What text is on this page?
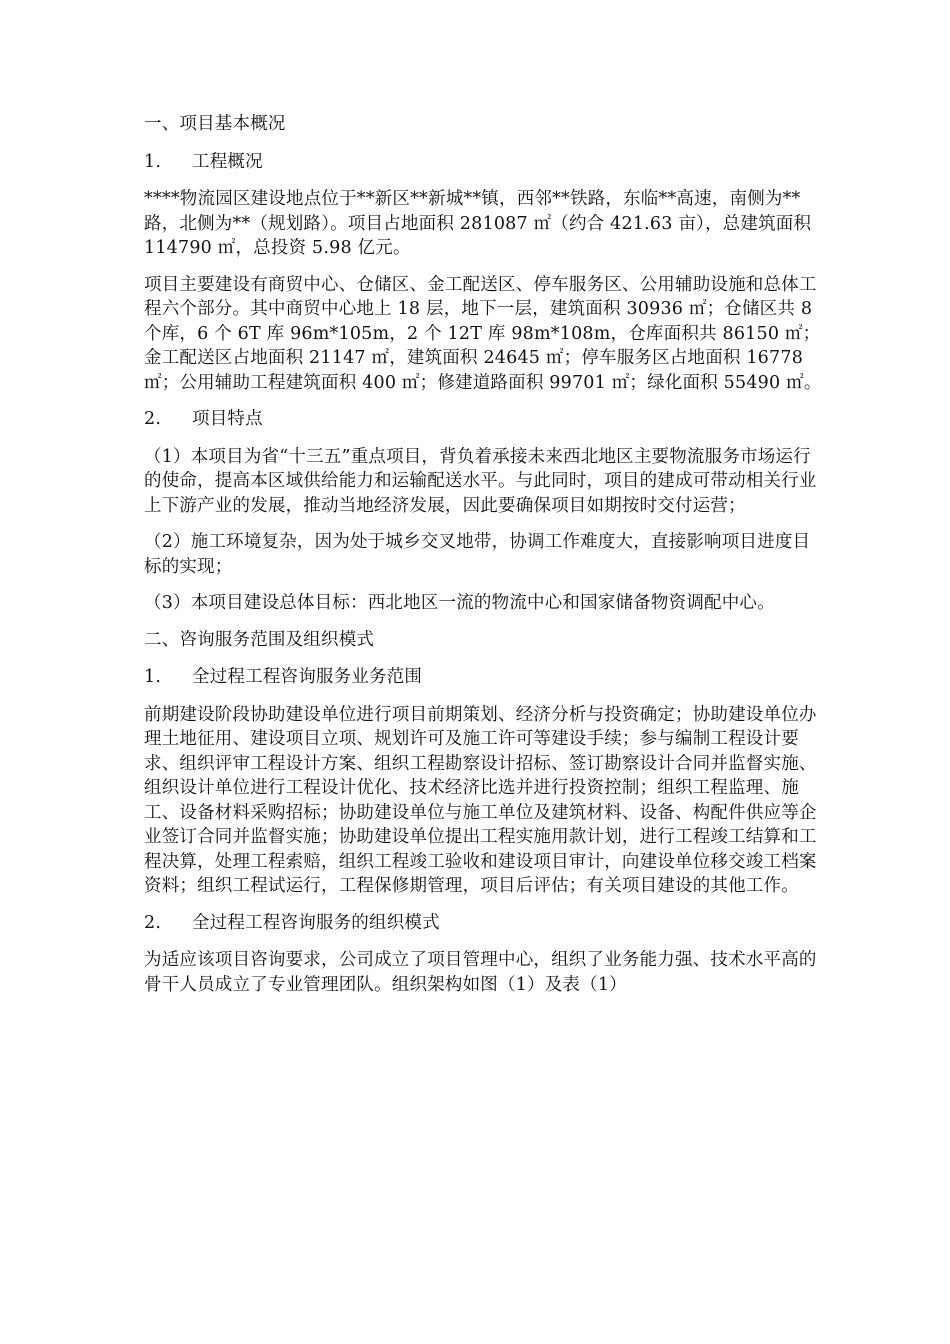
一、项目基本概况

1. 工程概况

****物流园区建设地点位于**新区**新城**镇，西邻**铁路，东临**高速，南侧为**路，北侧为**（规划路）。项目占地面积 281087 ㎡（约合 421.63 亩），总建筑面积 114790 ㎡，总投资 5.98 亿元。

项目主要建设有商贸中心、仓储区、金工配送区、停车服务区、公用辅助设施和总体工程六个部分。其中商贸中心地上 18 层，地下一层，建筑面积 30936 ㎡；仓储区共 8 个库，6 个 6T 库 96m*105m，2 个 12T 库 98m*108m，仓库面积共 86150 ㎡；金工配送区占地面积 21147 ㎡，建筑面积 24645 ㎡；停车服务区占地面积 16778 ㎡；公用辅助工程建筑面积 400 ㎡；修建道路面积 99701 ㎡；绿化面积 55490 ㎡。

2. 项目特点

（1）本项目为省“十三五”重点项目，背负着承接未来西北地区主要物流服务市场运行的使命，提高本区域供给能力和运输配送水平。与此同时，项目的建成可带动相关行业上下游产业的发展，推动当地经济发展，因此要确保项目如期按时交付运营；

（2）施工环境复杂，因为处于城乡交叉地带，协调工作难度大，直接影响项目进度目标的实现；

（3）本项目建设总体目标：西北地区一流的物流中心和国家储备物资调配中心。

二、咨询服务范围及组织模式

1. 全过程工程咨询服务业务范围

前期建设阶段协助建设单位进行项目前期策划、经济分析与投资确定；协助建设单位办理土地征用、建设项目立项、规划许可及施工许可等建设手续；参与编制工程设计要求、组织评审工程设计方案、组织工程勘察设计招标、签订勘察设计合同并监督实施、组织设计单位进行工程设计优化、技术经济比选并进行投资控制；组织工程监理、施工、设备材料采购招标；协助建设单位与施工单位及建筑材料、设备、构配件供应等企业签订合同并监督实施；协助建设单位提出工程实施用款计划，进行工程竣工结算和工程决算，处理工程索赔，组织工程竣工验收和建设项目审计，向建设单位移交竣工档案资料；组织工程试运行，工程保修期管理，项目后评估；有关项目建设的其他工作。

2. 全过程工程咨询服务的组织模式

为适应该项目咨询要求，公司成立了项目管理中心，组织了业务能力强、技术水平高的骨干人员成立了专业管理团队。组织架构如图（1）及表（1）
